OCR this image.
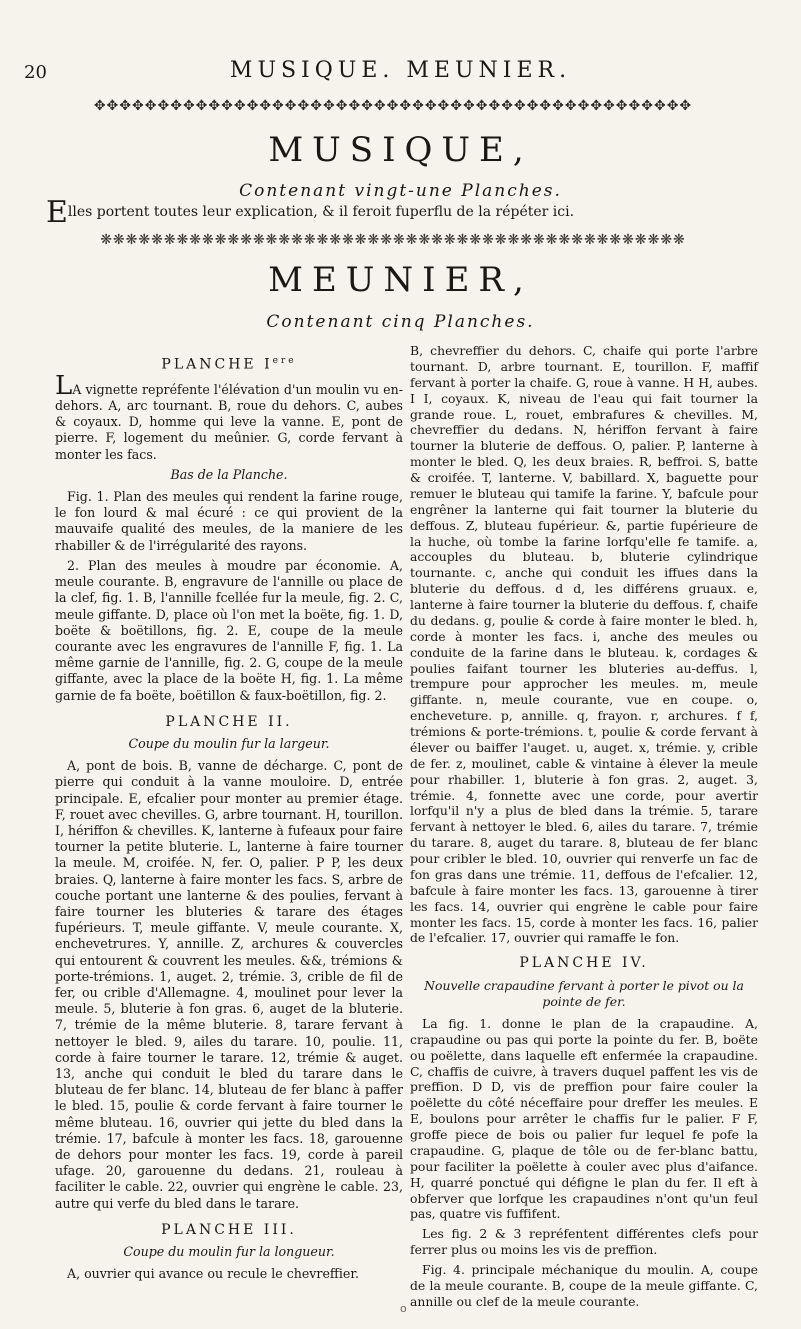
20	MUSIQUE. MEUNIER.
✥✥✥✥✥✥✥✥✥✥✥✥✥✥✥✥✥✥✥✥✥✥✥✥✥✥✥✥✥✥✥✥✥✥✥✥✥✥✥✥✥✥✥✥✥✥✥
MUSIQUE,
Contenant vingt-une Planches.
Elles portent toutes leur explication, & il feroit fuperflu de la répéter ici.
❋❋❋❋❋❋❋❋❋❋❋❋❋❋❋❋❋❋❋❋❋❋❋❋❋❋❋❋❋❋❋❋❋❋❋❋❋❋❋❋❋❋❋❋❋❋
MEUNIER,
Contenant cinq Planches.
PLANCHE Iere

LA vignette repréfente l'élévation d'un moulin vu en-dehors. A, arc tournant. B, roue du dehors. C, aubes & coyaux. D, homme qui leve la vanne. E, pont de pierre. F, logement du meûnier. G, corde fervant à monter les facs.

Bas de la Planche.

Fig. 1. Plan des meules qui rendent la farine rouge, le fon lourd & mal écuré : ce qui provient de la mauvaife qualité des meules, de la maniere de les rhabiller & de l'irrégularité des rayons.

2. Plan des meules à moudre par économie. A, meule courante. B, engravure de l'annille ou place de la clef, fig. 1. B, l'annille fcellée fur la meule, fig. 2. C, meule giffante. D, place où l'on met la boëte, fig. 1. D, boëte & boëtillons, fig. 2. E, coupe de la meule courante avec les engravures de l'annille F, fig. 1. La même garnie de l'annille, fig. 2. G, coupe de la meule giffante, avec la place de la boëte H, fig. 1. La même garnie de fa boëte, boëtillon & faux-boëtillon, fig. 2.

PLANCHE II.
Coupe du moulin fur la largeur.

A, pont de bois. B, vanne de décharge. C, pont de pierre qui conduit à la vanne mouloire. D, entrée principale. E, efcalier pour monter au premier étage. F, rouet avec chevilles. G, arbre tournant. H, tourillon. I, hériffon & chevilles. K, lanterne à fufeaux pour faire tourner la petite bluterie. L, lanterne à faire tourner la meule. M, croifée. N, fer. O, palier. P P, les deux braies. Q, lanterne à faire monter les facs. S, arbre de couche portant une lanterne & des poulies, fervant à faire tourner les bluteries & tarare des étages fupérieurs. T, meule giffante. V, meule courante. X, enchevetrures. Y, annille. Z, archures & couvercles qui entourent & couvrent les meules. &&, trémions & porte-trémions. 1, auget. 2, trémie. 3, crible de fil de fer, ou crible d'Allemagne. 4, moulinet pour lever la meule. 5, bluterie à fon gras. 6, auget de la bluterie. 7, trémie de la même bluterie. 8, tarare fervant à nettoyer le bled. 9, ailes du tarare. 10, poulie. 11, corde à faire tourner le tarare. 12, trémie & auget. 13, anche qui conduit le bled du tarare dans le bluteau de fer blanc. 14, bluteau de fer blanc à paffer le bled. 15, poulie & corde fervant à faire tourner le même bluteau. 16, ouvrier qui jette du bled dans la trémie. 17, bafcule à monter les facs. 18, garouenne de dehors pour monter les facs. 19, corde à pareil ufage. 20, garouenne du dedans. 21, rouleau à faciliter le cable. 22, ouvrier qui engrène le cable. 23, autre qui verfe du bled dans le tarare.

PLANCHE III.
Coupe du moulin fur la longueur.

A, ouvrier qui avance ou recule le chevreffier.

B, chevreffier du dehors. C, chaife qui porte l'arbre tournant. D, arbre tournant. E, tourillon. F, maffif fervant à porter la chaife. G, roue à vanne. H H, aubes. I I, coyaux. K, niveau de l'eau qui fait tourner la grande roue. L, rouet, embrafures & chevilles. M, chevreffier du dedans. N, hériffon fervant à faire tourner la bluterie de deffous. O, palier. P, lanterne à monter le bled. Q, les deux braies. R, beffroi. S, batte & croifée. T, lanterne. V, babillard. X, baguette pour remuer le bluteau qui tamife la farine. Y, bafcule pour engrêner la lanterne qui fait tourner la bluterie du deffous. Z, bluteau fupérieur. &, partie fupérieure de la huche, où tombe la farine lorfqu'elle fe tamife. a, accouples du bluteau. b, bluterie cylindrique tournante. c, anche qui conduit les iffues dans la bluterie du deffous. d d, les différens gruaux. e, lanterne à faire tourner la bluterie du deffous. f, chaife du dedans. g, poulie & corde à faire monter le bled. h, corde à monter les facs. i, anche des meules ou conduite de la farine dans le bluteau. k, cordages & poulies faifant tourner les bluteries au-deffus. l, trempure pour approcher les meules. m, meule giffante. n, meule courante, vue en coupe. o, encheveture. p, annille. q, frayon. r, archures. f f, trémions & porte-trémions. t, poulie & corde fervant à élever ou baiffer l'auget. u, auget. x, trémie. y, crible de fer. z, moulinet, cable & vintaine à élever la meule pour rhabiller. 1, bluterie à fon gras. 2, auget. 3, trémie. 4, fonnette avec une corde, pour avertir lorfqu'il n'y a plus de bled dans la trémie. 5, tarare fervant à nettoyer le bled. 6, ailes du tarare. 7, trémie du tarare. 8, auget du tarare. 8, bluteau de fer blanc pour cribler le bled. 10, ouvrier qui renverfe un fac de fon gras dans une trémie. 11, deffous de l'efcalier. 12, bafcule à faire monter les facs. 13, garouenne à tirer les facs. 14, ouvrier qui engrène le cable pour faire monter les facs. 15, corde à monter les facs. 16, palier de l'efcalier. 17, ouvrier qui ramaffe le fon.

PLANCHE IV.
Nouvelle crapaudine fervant à porter le pivot ou la pointe de fer.

La fig. 1. donne le plan de la crapaudine. A, crapaudine ou pas qui porte la pointe du fer. B, boëte ou poëlette, dans laquelle eft enfermée la crapaudine. C, chaffis de cuivre, à travers duquel paffent les vis de preffion. D D, vis de preffion pour faire couler la poëlette du côté néceffaire pour dreffer les meules. E E, boulons pour arrêter le chaffis fur le palier. F F, groffe piece de bois ou palier fur lequel fe pofe la crapaudine. G, plaque de tôle ou de fer-blanc battu, pour faciliter la poëlette à couler avec plus d'aifance. H, quarré ponctué qui défigne le plan du fer. Il eft à obferver que lorfque les crapaudines n'ont qu'un feul pas, quatre vis fuffifent.

Les fig. 2 & 3 repréfentent différentes clefs pour ferrer plus ou moins les vis de preffion.

Fig. 4. principale méchanique du moulin. A, coupe de la meule courante. B, coupe de la meule giffante. C, annille ou clef de la meule courante.

o
